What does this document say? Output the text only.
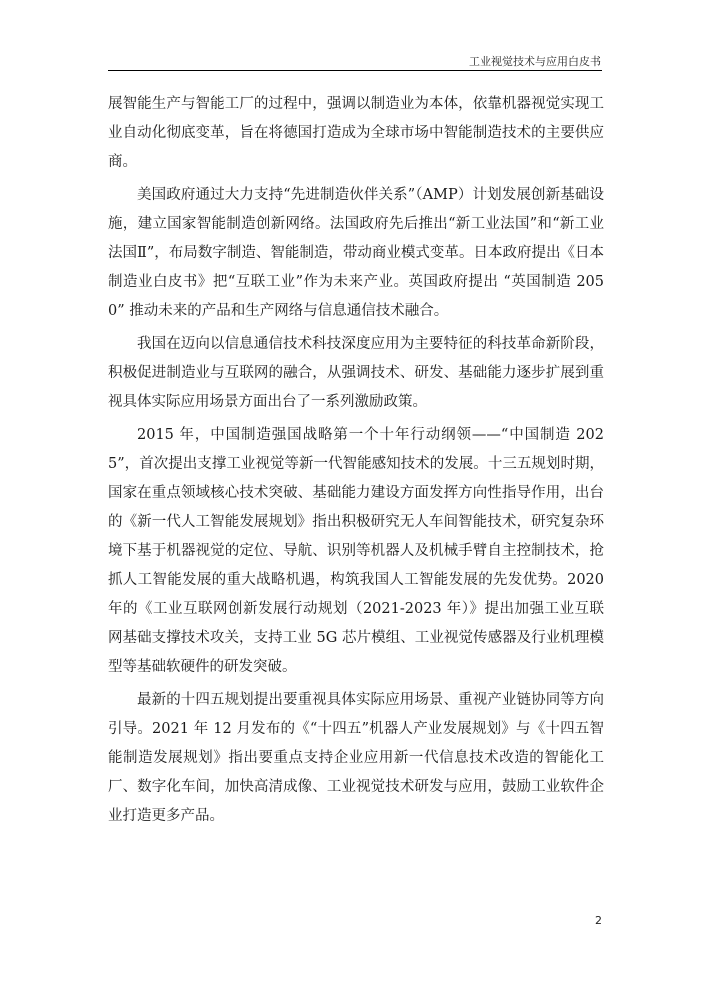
工业视觉技术与应用白皮书

展智能生产与智能工厂的过程中，强调以制造业为本体，依靠机器视觉实现工业自动化彻底变革，旨在将德国打造成为全球市场中智能制造技术的主要供应商。

美国政府通过大力支持“先进制造伙伴关系”（AMP）计划发展创新基础设施，建立国家智能制造创新网络。法国政府先后推出“新工业法国”和“新工业法国Ⅱ”，布局数字制造、智能制造，带动商业模式变革。日本政府提出《日本制造业白皮书》把“互联工业”作为未来产业。英国政府提出 “英国制造 2050” 推动未来的产品和生产网络与信息通信技术融合。

我国在迈向以信息通信技术科技深度应用为主要特征的科技革命新阶段，积极促进制造业与互联网的融合，从强调技术、研发、基础能力逐步扩展到重视具体实际应用场景方面出台了一系列激励政策。

2015 年，中国制造强国战略第一个十年行动纲领——“中国制造 2025”，首次提出支撑工业视觉等新一代智能感知技术的发展。十三五规划时期，国家在重点领域核心技术突破、基础能力建设方面发挥方向性指导作用，出台的《新一代人工智能发展规划》指出积极研究无人车间智能技术，研究复杂环境下基于机器视觉的定位、导航、识别等机器人及机械手臂自主控制技术，抢抓人工智能发展的重大战略机遇，构筑我国人工智能发展的先发优势。2020 年的《工业互联网创新发展行动规划（2021-2023 年）》提出加强工业互联网基础支撑技术攻关，支持工业 5G 芯片模组、工业视觉传感器及行业机理模型等基础软硬件的研发突破。

最新的十四五规划提出要重视具体实际应用场景、重视产业链协同等方向引导。2021 年 12 月发布的《“十四五”机器人产业发展规划》与《十四五智能制造发展规划》指出要重点支持企业应用新一代信息技术改造的智能化工厂、数字化车间，加快高清成像、工业视觉技术研发与应用，鼓励工业软件企业打造更多产品。

2
